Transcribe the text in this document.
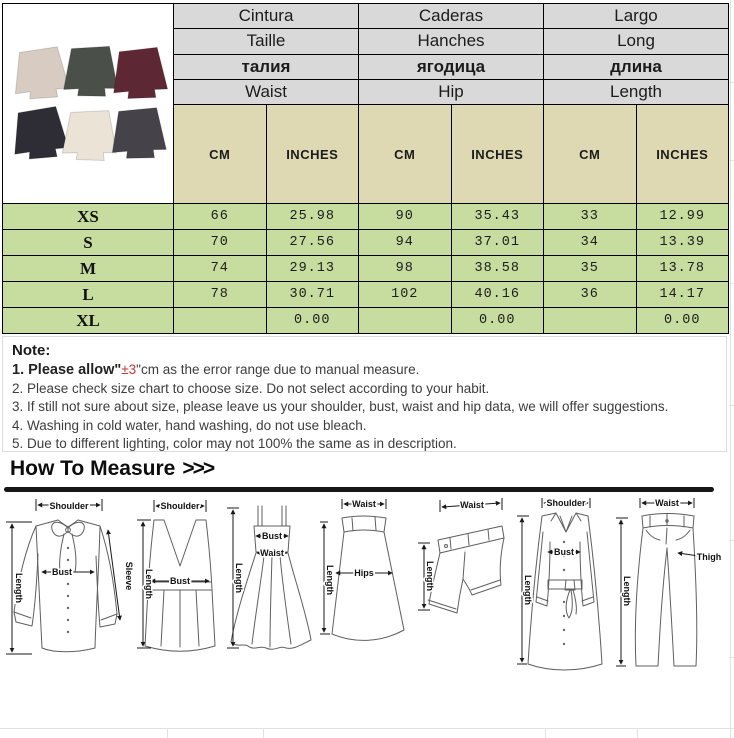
	Cintura		Caderas		Largo	
	Taille		Hanches		Long	
	талия		ягодица		длина	
	Waist		Hip		Length	
	CM	INCHES	CM	INCHES	CM	INCHES
XS	66	25.98	90	35.43	33	12.99
S	70	27.56	94	37.01	34	13.39
M	74	29.13	98	38.58	35	13.78
L	78	30.71	102	40.16	36	14.17
XL		0.00		0.00		0.00
Note:
1. Please allow"±3"cm as the error range due to manual measure.
2. Please check size chart to choose size. Do not select according to your habit.
3. If still not sure about size, please leave us your shoulder, bust, waist and hip data, we will offer suggestions.
4. Washing in cold water, hand washing, do not use bleach.
5. Due to different lighting, color may not 100% the same as in description.
How To Measure >>>
Shoulder
Length
Bust	Sleeve
Shoulder
Length Bust	Length
Bust
Waist
Waist
Length Hips
Waist
Length
Shoulder
Length
Bust
Waist
Length
Thigh
